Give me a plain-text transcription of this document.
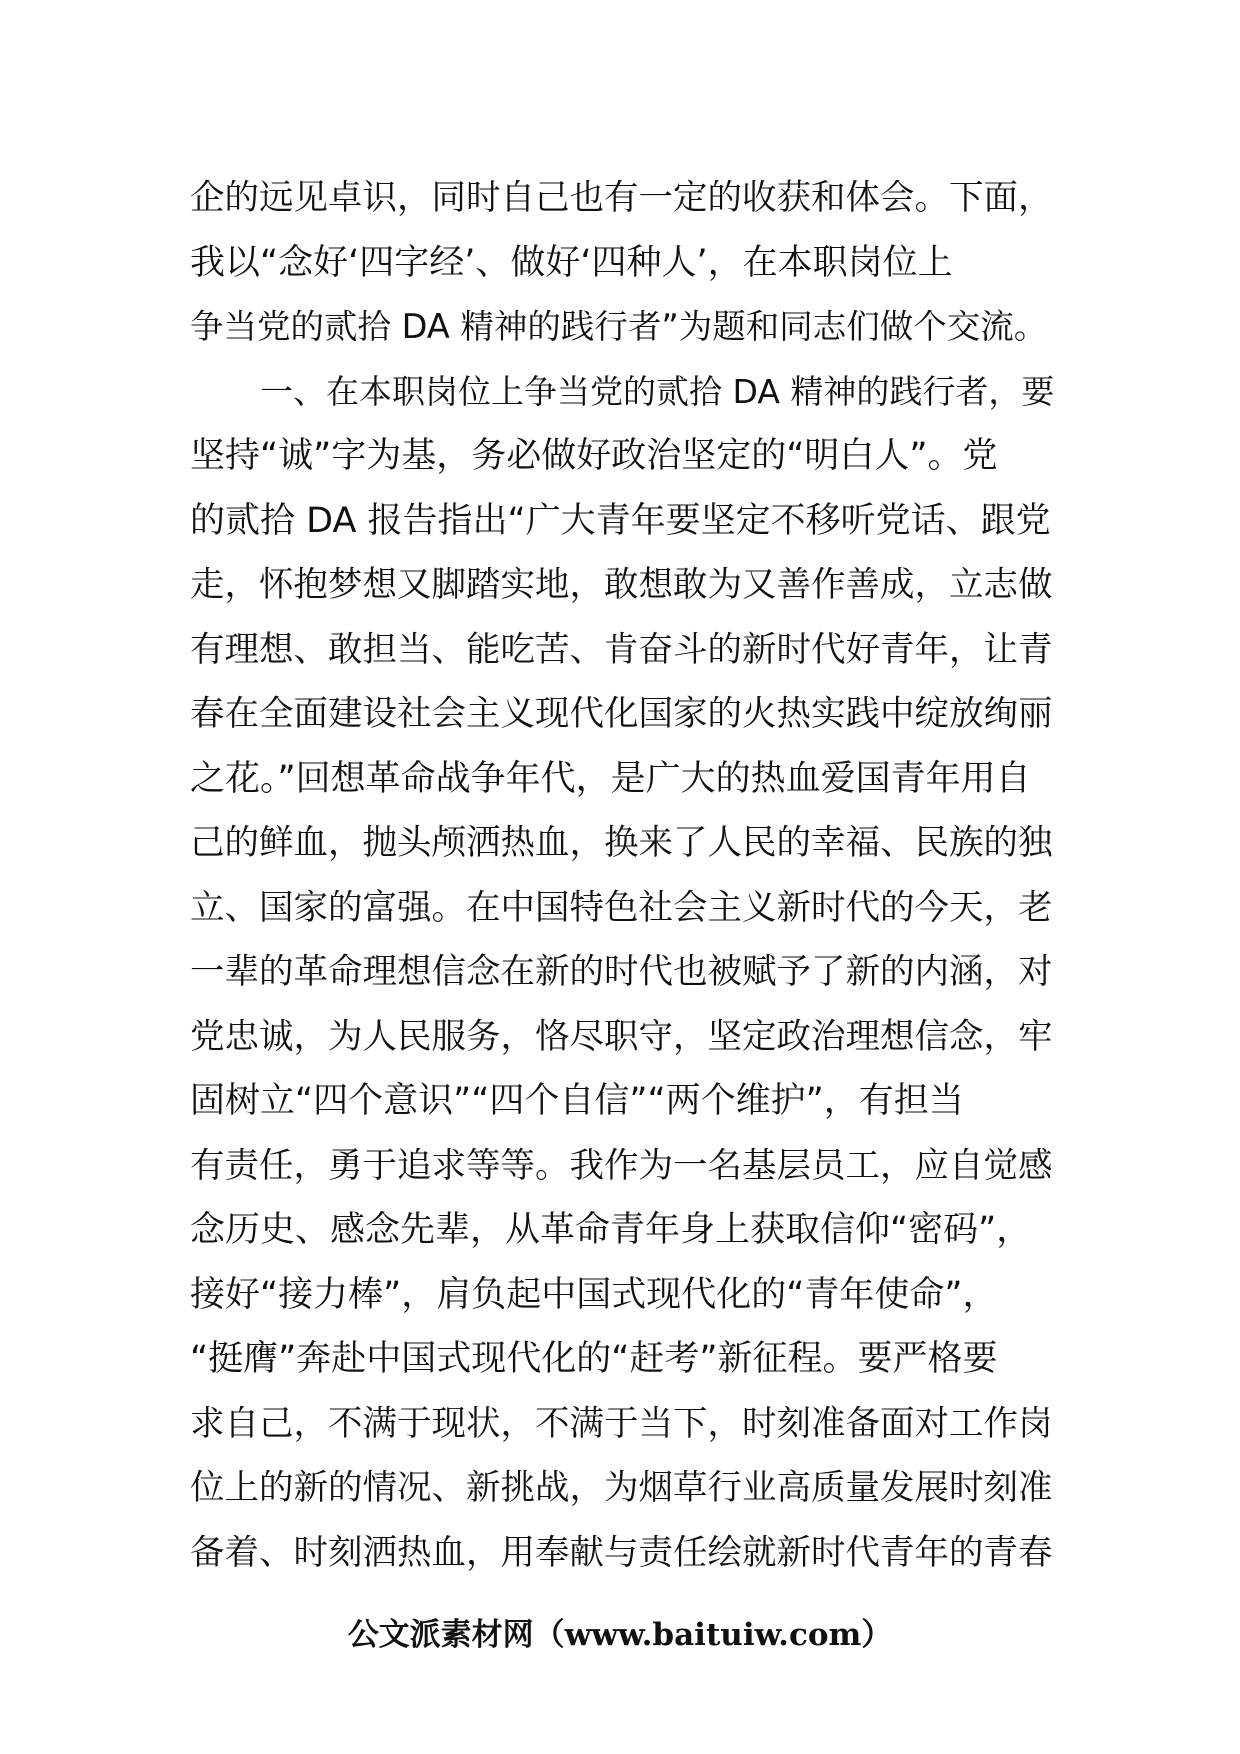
企的远见卓识，同时自己也有一定的收获和体会。下面，
我以“念好‘四字经’、做好‘四种人’，在本职岗位上
争当党的贰拾 DA 精神的践行者”为题和同志们做个交流。
一、在本职岗位上争当党的贰拾 DA 精神的践行者，要
坚持“诚”字为基，务必做好政治坚定的“明白人”。党
的贰拾 DA 报告指出“广大青年要坚定不移听党话、跟党
走，怀抱梦想又脚踏实地，敢想敢为又善作善成，立志做
有理想、敢担当、能吃苦、肯奋斗的新时代好青年，让青
春在全面建设社会主义现代化国家的火热实践中绽放绚丽
之花。”回想革命战争年代，是广大的热血爱国青年用自
己的鲜血，抛头颅洒热血，换来了人民的幸福、民族的独
立、国家的富强。在中国特色社会主义新时代的今天，老
一辈的革命理想信念在新的时代也被赋予了新的内涵，对
党忠诚，为人民服务，恪尽职守，坚定政治理想信念，牢
固树立“四个意识”“四个自信”“两个维护”，有担当
有责任，勇于追求等等。我作为一名基层员工，应自觉感
念历史、感念先辈，从革命青年身上获取信仰“密码”，
接好“接力棒”，肩负起中国式现代化的“青年使命”，
“挺膺”奔赴中国式现代化的“赶考”新征程。要严格要
求自己，不满于现状，不满于当下，时刻准备面对工作岗
位上的新的情况、新挑战，为烟草行业高质量发展时刻准
备着、时刻洒热血，用奉献与责任绘就新时代青年的青春
公文派素材网（www.baituiw.com）
